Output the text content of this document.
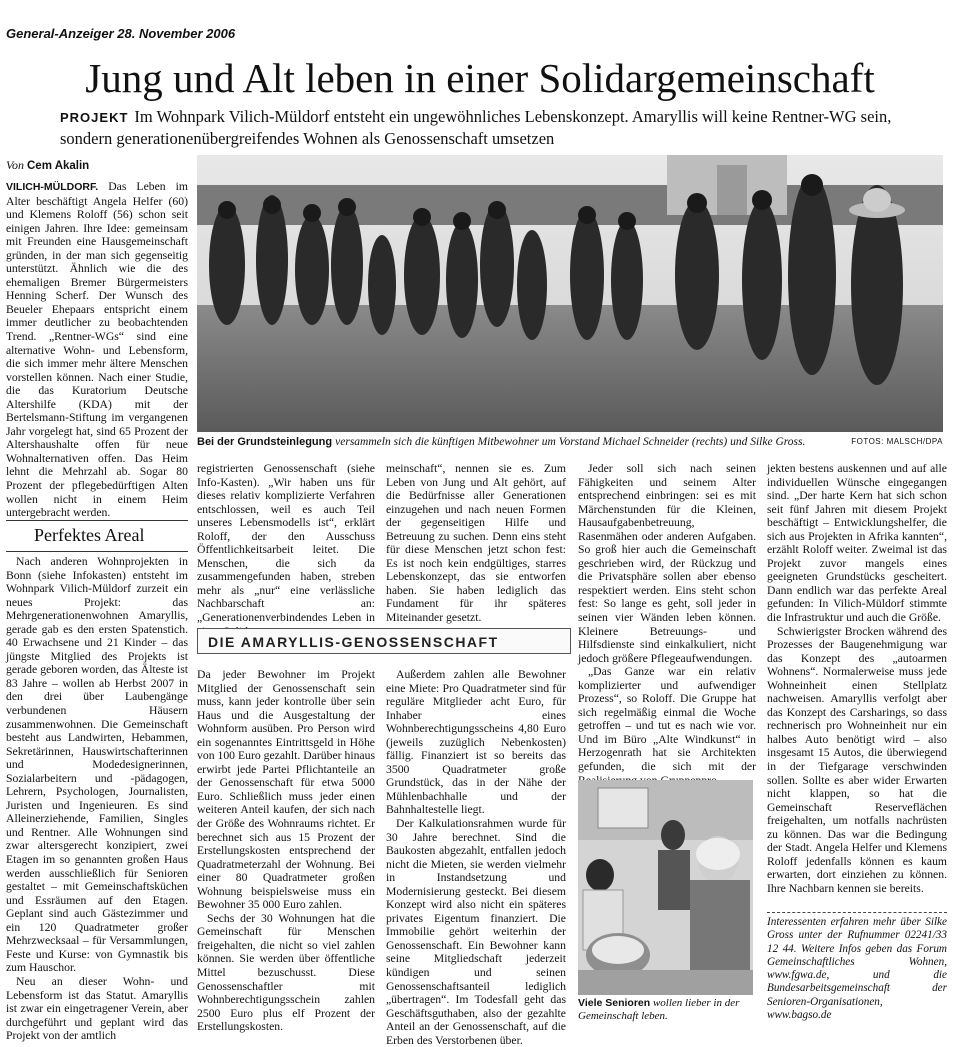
General-Anzeiger 28. November 2006
Jung und Alt leben in einer Solidargemeinschaft
PROJEKT Im Wohnpark Vilich-Müldorf entsteht ein ungewöhnliches Lebenskonzept. Amaryllis will keine Rentner-WG sein, sondern generationenübergreifendes Wohnen als Genossenschaft umsetzen
Von Cem Akalin
Bei der Grundsteinlegung versammeln sich die künftigen Mitbewohner um Vorstand Michael Schneider (rechts) und Silke Gross.	FOTOS: MALSCH/DPA

VILICH-MÜLDORF. Das Leben im Alter beschäftigt Angela Helfer (60) und Klemens Roloff (56) schon seit einigen Jahren. Ihre Idee: gemeinsam mit Freunden eine Hausgemeinschaft gründen, in der man sich gegenseitig unterstützt. Ähnlich wie die des ehemaligen Bremer Bürgermeisters Henning Scherf. Der Wunsch des Beueler Ehepaars entspricht einem immer deutlicher zu beobachtenden Trend. „Rentner-WGs“ sind eine alternative Wohn- und Lebensform, die sich immer mehr ältere Menschen vorstellen können. Nach einer Studie, die das Kuratorium Deutsche Altershilfe (KDA) mit der Bertelsmann-Stiftung im vergangenen Jahr vorgelegt hat, sind 65 Prozent der Altershaushalte offen für neue Wohnalternativen offen. Das Heim lehnt die Mehrzahl ab. Sogar 80 Prozent der pflegebedürftigen Alten wollen nicht in einem Heim untergebracht werden.

Perfektes Areal

Nach anderen Wohnprojekten in Bonn (siehe Infokasten) entsteht im Wohnpark Vilich-Müldorf zurzeit ein neues Projekt: das Mehrgenerationenwohnen Amaryllis, gerade gab es den ersten Spatenstich. 40 Erwachsene und 21 Kinder – das jüngste Mitglied des Projekts ist gerade geboren worden, das Älteste ist 83 Jahre – wollen ab Herbst 2007 in den drei über Laubengänge verbundenen Häusern zusammenwohnen. Die Gemeinschaft besteht aus Landwirten, Hebammen, Sekretärinnen, Hauswirtschafterinnen und Modedesignerinnen, Sozialarbeitern und -pädagogen, Lehrern, Psychologen, Journalisten, Juristen und Ingenieuren. Es sind Alleinerziehende, Familien, Singles und Rentner. Alle Wohnungen sind zwar altersgerecht konzipiert, zwei Etagen im so genannten großen Haus werden ausschließlich für Senioren gestaltet – mit Gemeinschaftsküchen und Essräumen auf den Etagen. Geplant sind auch Gästezimmer und ein 120 Quadratmeter großer Mehrzwecksaal – für Versammlungen, Feste und Kurse: von Gymnastik bis zum Hauschor.

Neu an dieser Wohn- und Lebensform ist das Statut. Amaryllis ist zwar ein eingetragener Verein, aber durchgeführt und geplant wird das Projekt von der amtlich

registrierten Genossenschaft (siehe Info-Kasten). „Wir haben uns für dieses relativ komplizierte Verfahren entschlossen, weil es auch Teil unseres Lebensmodells ist“, erklärt Roloff, der den Ausschuss Öffentlichkeitsarbeit leitet. Die Menschen, die sich da zusammengefunden haben, streben mehr als „nur“ eine verlässliche Nachbarschaft an: „Generationenverbindendes Leben in

meinschaft“, nennen sie es. Zum Leben von Jung und Alt gehört, auf die Bedürfnisse aller Generationen einzugehen und nach neuen Formen der gegenseitigen Hilfe und Betreuung zu suchen. Denn eins steht für diese Menschen jetzt schon fest: Es ist noch kein endgültiges, starres Lebenskonzept, das sie entworfen haben. Sie haben lediglich das Fundament für ihr späteres Miteinander gesetzt.

DIE AMARYLLIS-GENOSSENSCHAFT

Da jeder Bewohner im Projekt Mitglied der Genossenschaft sein muss, kann jeder kontrolle über sein Haus und die Ausgestaltung der Wohnform ausüben. Pro Person wird ein sogenanntes Eintrittsgeld in Höhe von 100 Euro gezahlt. Darüber hinaus erwirbt jede Partei Pflichtanteile an der Genossenschaft für etwa 5000 Euro. Schließlich muss jeder einen weiteren Anteil kaufen, der sich nach der Größe des Wohnraums richtet. Er berechnet sich aus 15 Prozent der Erstellungskosten entsprechend der Quadratmeterzahl der Wohnung. Bei einer 80 Quadratmeter großen Wohnung beispielsweise muss ein Bewohner 35 000 Euro zahlen.

Sechs der 30 Wohnungen hat die Gemeinschaft für Menschen freigehalten, die nicht so viel zahlen können. Sie werden über öffentliche Mittel bezuschusst. Diese Genossenschaftler mit Wohnberechtigungsschein zahlen 2500 Euro plus elf Prozent der Erstellungskosten.

Außerdem zahlen alle Bewohner eine Miete: Pro Quadratmeter sind für reguläre Mitglieder acht Euro, für Inhaber eines Wohnberechtigungsscheins 4,80 Euro (jeweils zuzüglich Nebenkosten) fällig. Finanziert ist so bereits das 3500 Quadratmeter große Grundstück, das in der Nähe der Mühlenbachhalle und der Bahnhaltestelle liegt.

Der Kalkulationsrahmen wurde für 30 Jahre berechnet. Sind die Baukosten abgezahlt, entfallen jedoch nicht die Mieten, sie werden vielmehr in Instandsetzung und Modernisierung gesteckt. Bei diesem Konzept wird also nicht ein späteres privates Eigentum finanziert. Die Immobilie gehört weiterhin der Genossenschaft. Ein Bewohner kann seine Mitgliedschaft jederzeit kündigen und seinen Genossenschaftsanteil lediglich „übertragen“. Im Todesfall geht das Geschäftsguthaben, also der gezahlte Anteil an der Genossenschaft, auf die Erben des Verstorbenen über.

Jeder soll sich nach seinen Fähigkeiten und seinem Alter entsprechend einbringen: sei es mit Märchenstunden für die Kleinen, Hausaufgabenbetreuung, Rasenmähen oder anderen Aufgaben. So groß hier auch die Gemeinschaft geschrieben wird, der Rückzug und die Privatsphäre sollen aber ebenso respektiert werden. Eins steht schon fest: So lange es geht, soll jeder in seinen vier Wänden leben können. Kleinere Betreuungs- und Hilfsdienste sind einkalkuliert, nicht jedoch größere Pflegeaufwendungen.

„Das Ganze war ein relativ komplizierter und aufwendiger Prozess“, so Roloff. Die Gruppe hat sich regelmäßig einmal die Woche getroffen – und tut es nach wie vor. Und im Büro „Alte Windkunst“ in Herzogenrath hat sie Architekten gefunden, die sich mit der

Viele Senioren wollen lieber in der Gemeinschaft leben.

jekten bestens auskennen und auf alle individuellen Wünsche eingegangen sind. „Der harte Kern hat sich schon seit fünf Jahren mit diesem Projekt beschäftigt – Entwicklungshelfer, die sich aus Projekten in Afrika kannten“, erzählt Roloff weiter. Zweimal ist das Projekt zuvor mangels eines geeigneten Grundstücks gescheitert. Dann endlich war das perfekte Areal gefunden: In Vilich-Müldorf stimmte die Infrastruktur und auch die Größe.

Schwierigster Brocken während des Prozesses der Baugenehmigung war das Konzept des „autoarmen Wohnens“. Normalerweise muss jede Wohneinheit einen Stellplatz nachweisen. Amaryllis verfolgt aber das Konzept des Carsharings, so dass rechnerisch pro Wohneinheit nur ein halbes Auto benötigt wird – also insgesamt 15 Autos, die überwiegend in der Tiefgarage verschwinden sollen. Sollte es aber wider Erwarten nicht klappen, so hat die Gemeinschaft Reserveflächen freigehalten, um notfalls nachrüsten zu können. Das war die Bedingung der Stadt. Angela Helfer und Klemens Roloff jedenfalls können es kaum erwarten, dort einziehen zu können. Ihre Nachbarn kennen sie bereits.

Interessenten erfahren mehr über Silke Gross unter der Rufnummer 02241/33 12 44. Weitere Infos geben das Forum Gemeinschaftliches Wohnen, www.fgwa.de, und die Bundesarbeitsgemeinschaft der Senioren-Organisationen, www.bagso.de
